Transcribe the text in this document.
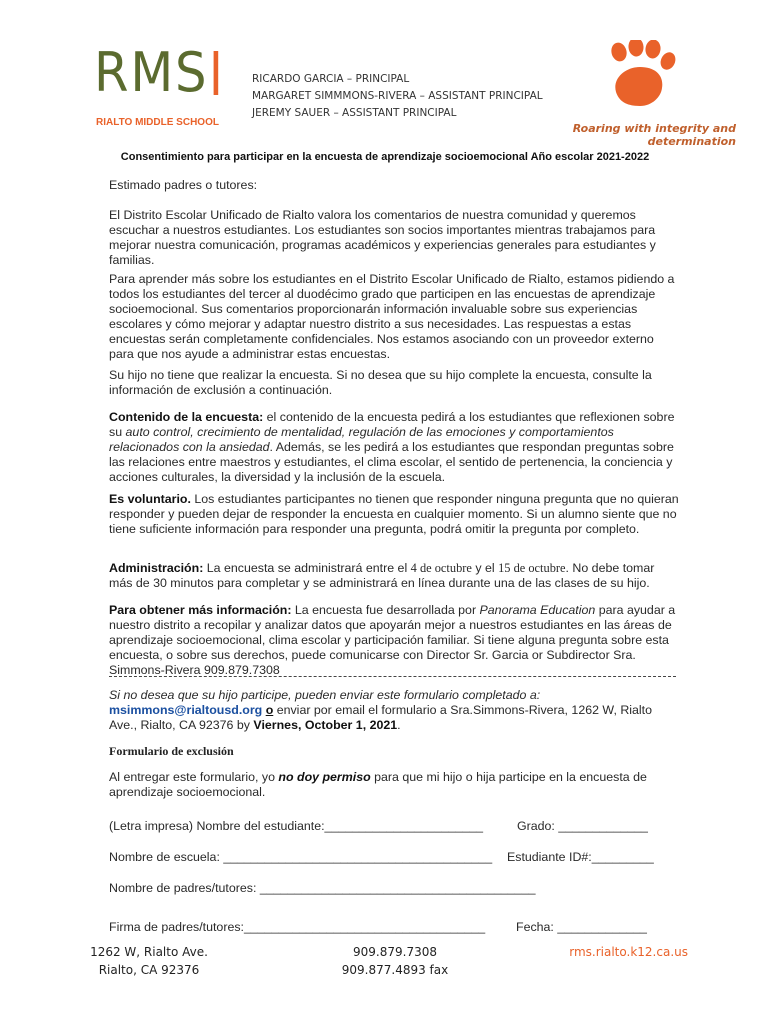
RMS
RIALTO MIDDLE SCHOOL
RICARDO GARCIA – PRINCIPAL
MARGARET SIMMMONS-RIVERA – ASSISTANT PRINCIPAL
JEREMY SAUER – ASSISTANT PRINCIPAL
Roaring with integrity and determination
Consentimiento para participar en la encuesta de aprendizaje socioemocional Año escolar 2021-2022

Estimado padres o tutores:

El Distrito Escolar Unificado de Rialto valora los comentarios de nuestra comunidad y queremos escuchar a nuestros estudiantes. Los estudiantes son socios importantes mientras trabajamos para mejorar nuestra comunicación, programas académicos y experiencias generales para estudiantes y familias.

Para aprender más sobre los estudiantes en el Distrito Escolar Unificado de Rialto, estamos pidiendo a todos los estudiantes del tercer al duodécimo grado que participen en las encuestas de aprendizaje socioemocional. Sus comentarios proporcionarán información invaluable sobre sus experiencias escolares y cómo mejorar y adaptar nuestro distrito a sus necesidades. Las respuestas a estas encuestas serán completamente confidenciales. Nos estamos asociando con un proveedor externo para que nos ayude a administrar estas encuestas.

Su hijo no tiene que realizar la encuesta. Si no desea que su hijo complete la encuesta, consulte la información de exclusión a continuación.

Contenido de la encuesta: el contenido de la encuesta pedirá a los estudiantes que reflexionen sobre su auto control, crecimiento de mentalidad, regulación de las emociones y comportamientos relacionados con la ansiedad. Además, se les pedirá a los estudiantes que respondan preguntas sobre las relaciones entre maestros y estudiantes, el clima escolar, el sentido de pertenencia, la conciencia y acciones culturales, la diversidad y la inclusión de la escuela.

Es voluntario. Los estudiantes participantes no tienen que responder ninguna pregunta que no quieran responder y pueden dejar de responder la encuesta en cualquier momento. Si un alumno siente que no tiene suficiente información para responder una pregunta, podrá omitir la pregunta por completo.

Administración: La encuesta se administrará entre el 4 de octubre y el 15 de octubre. No debe tomar más de 30 minutos para completar y se administrará en línea durante una de las clases de su hijo.

Para obtener más información: La encuesta fue desarrollada por Panorama Education para ayudar a nuestro distrito a recopilar y analizar datos que apoyarán mejor a nuestros estudiantes en las áreas de aprendizaje socioemocional, clima escolar y participación familiar. Si tiene alguna pregunta sobre esta encuesta, o sobre sus derechos, puede comunicarse con Director Sr. Garcia or Subdirector Sra. Simmons-Rivera 909.879.7308

Si no desea que su hijo participe, pueden enviar este formulario completado a:
msimmons@rialtousd.org o enviar por email el formulario a Sra.Simmons-Rivera, 1262 W, Rialto Ave., Rialto, CA 92376 by Viernes, October 1, 2021.

Formulario de exclusión

Al entregar este formulario, yo no doy permiso para que mi hijo o hija participe en la encuesta de aprendizaje socioemocional.

(Letra impresa) Nombre del estudiante:_______________________	Grado: _____________
Nombre de escuela: _______________________________________ Estudiante ID#:_________
Nombre de padres/tutores: ________________________________________
Firma de padres/tutores:___________________________________ Fecha: _____________
1262 W, Rialto Ave.
Rialto, CA 92376
909.879.7308
909.877.4893 fax
rms.rialto.k12.ca.us
